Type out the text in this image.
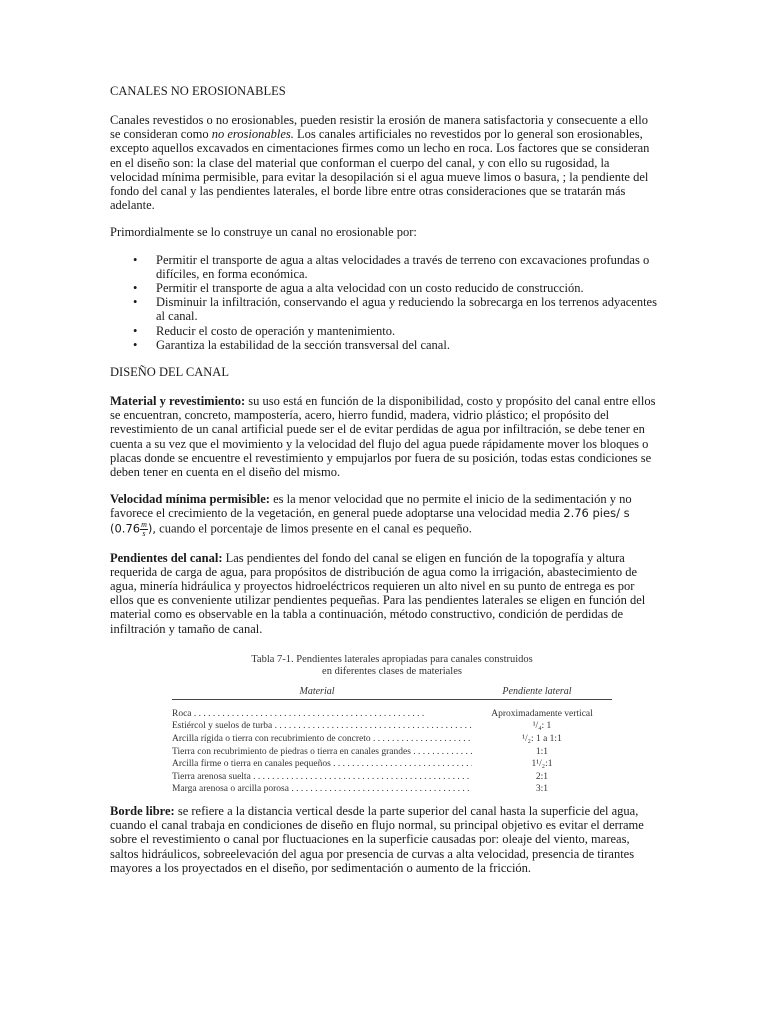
CANALES NO EROSIONABLES

Canales revestidos o no erosionables, pueden resistir la erosión de manera satisfactoria y consecuente a ello se consideran como no erosionables. Los canales artificiales no revestidos por lo general son erosionables, excepto aquellos excavados en cimentaciones firmes como un lecho en roca. Los factores que se consideran en el diseño son: la clase del material que conforman el cuerpo del canal, y con ello su rugosidad, la velocidad mínima permisible, para evitar la desopilación si el agua mueve limos o basura, ; la pendiente del fondo del canal y las pendientes laterales, el borde libre entre otras consideraciones que se tratarán más adelante.

Primordialmente se lo construye un canal no erosionable por:

• Permitir el transporte de agua a altas velocidades a través de terreno con excavaciones profundas o difíciles, en forma económica.
• Permitir el transporte de agua a alta velocidad con un costo reducido de construcción.
• Disminuir la infiltración, conservando el agua y reduciendo la sobrecarga en los terrenos adyacentes al canal.
• Reducir el costo de operación y mantenimiento.
• Garantiza la estabilidad de la sección transversal del canal.

DISEÑO DEL CANAL

Material y revestimiento: su uso está en función de la disponibilidad, costo y propósito del canal entre ellos se encuentran, concreto, mampostería, acero, hierro fundid, madera, vidrio plástico; el propósito del revestimiento de un canal artificial puede ser el de evitar perdidas de agua por infiltración, se debe tener en cuenta a su vez que el movimiento y la velocidad del flujo del agua puede rápidamente mover los bloques o placas donde se encuentre el revestimiento y empujarlos por fuera de su posición, todas estas condiciones se deben tener en cuenta en el diseño del mismo.

Velocidad mínima permisible: es la menor velocidad que no permite el inicio de la sedimentación y no favorece el crecimiento de la vegetación, en general puede adoptarse una velocidad media 2.76 pies/ s ($0.76 \frac{m}{s}$ ), cuando el porcentaje de limos presente en el canal es pequeño.

Pendientes del canal: Las pendientes del fondo del canal se eligen en función de la topografía y altura requerida de carga de agua, para propósitos de distribución de agua como la irrigación, abastecimiento de agua, minería hidráulica y proyectos hidroeléctricos requieren un alto nivel en su punto de entrega es por ellos que es conveniente utilizar pendientes pequeñas. Para las pendientes laterales se eligen en función del material como es observable en la tabla a continuación, método constructivo, condición de perdidas de infiltración y tamaño de canal.

Tabla 7-1. Pendientes laterales apropiadas para canales construidos
en diferentes clases de materiales
Material	Pendiente lateral
Roca . . .	Aproximadamente vertical
Estiércol y suelos de turba . . .	¹/₄: 1
Arcilla rígida o tierra con recubrimiento de concreto . . .	¹/₂: 1 a 1:1
Tierra con recubrimiento de piedras o tierra en canales grandes . . .	1:1
Arcilla firme o tierra en canales pequeños . . .	1¹/₂:1
Tierra arenosa suelta . . .	2:1
Marga arenosa o arcilla porosa . . .	3:1

Borde libre: se refiere a la distancia vertical desde la parte superior del canal hasta la superficie del agua, cuando el canal trabaja en condiciones de diseño en flujo normal, su principal objetivo es evitar el derrame sobre el revestimiento o canal por fluctuaciones en la superficie causadas por: oleaje del viento, mareas, saltos hidráulicos, sobreelevación del agua por presencia de curvas a alta velocidad, presencia de tirantes mayores a los proyectados en el diseño, por sedimentación o aumento de la fricción.
